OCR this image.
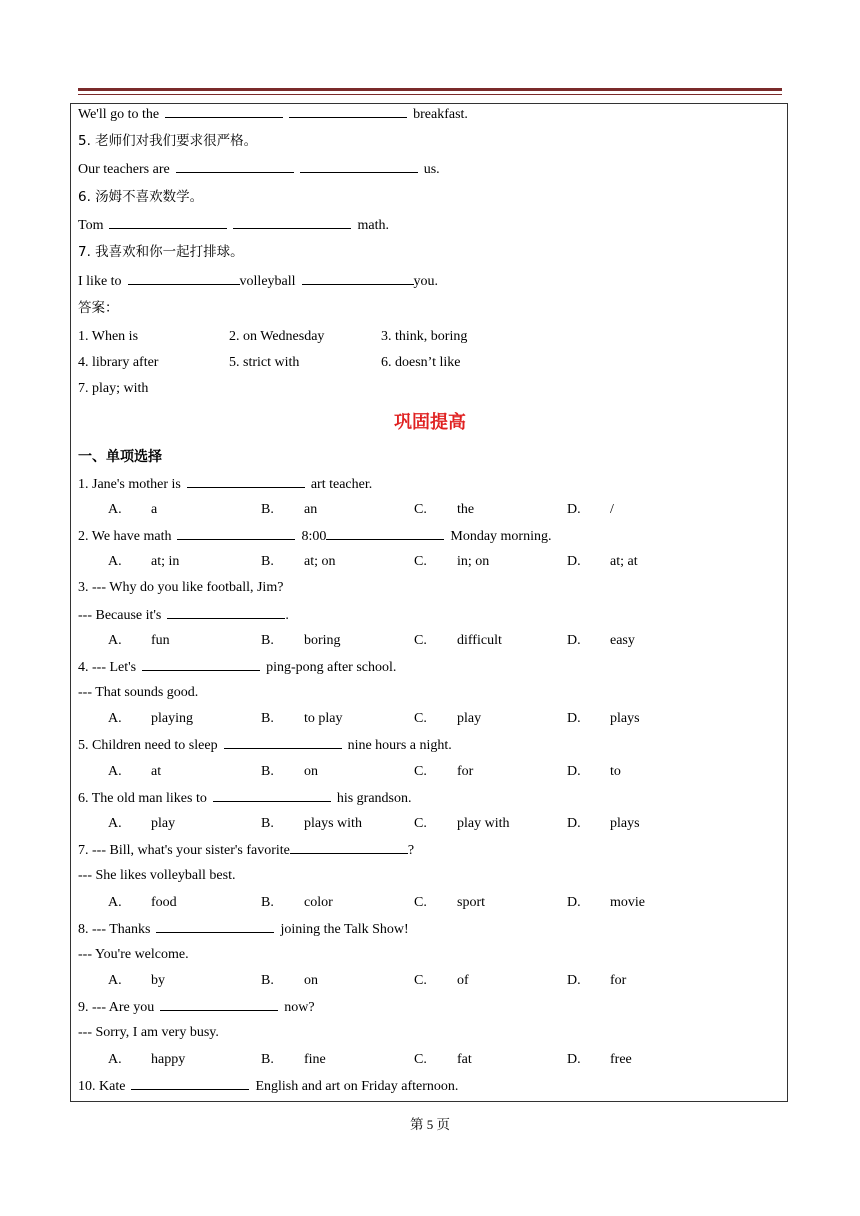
We'll go to the	breakfast.
5. 老师们对我们要求很严格。
Our teachers are	us.
6. 汤姆不喜欢数学。
Tom	math.
7. 我喜欢和你一起打排球。
I like to	volleyball	you.
答案：
1. When is	2. on Wednesday	3. think, boring
4. library after	5. strict with	6. doesn’t like
7. play; with
巩固提高
一、单项选择
1. Jane's mother is	art teacher.
A. a	B. an	C. the	D. /
2. We have math	8:00	Monday morning.
A. at; in	B. at; on	C. in; on	D. at; at
3. --- Why do you like football, Jim?
--- Because it's	.
A. fun	B. boring	C. difficult	D. easy
4. --- Let's	ping-pong after school.
--- That sounds good.
A. playing	B. to play	C. play	D. plays
5. Children need to sleep	nine hours a night.
A. at	B. on	C. for	D. to
6. The old man likes to	his grandson.
A. play	B. plays with	C. play with	D. plays
7. --- Bill, what's your sister's favorite	?
--- She likes volleyball best.
A. food	B. color	C. sport	D. movie
8. --- Thanks	joining the Talk Show!
--- You're welcome.
A. by	B. on	C. of	D. for
9. --- Are you	now?
--- Sorry, I am very busy.
A. happy	B. fine	C. fat	D. free
10. Kate	English and art on Friday afternoon.
第 5 页
